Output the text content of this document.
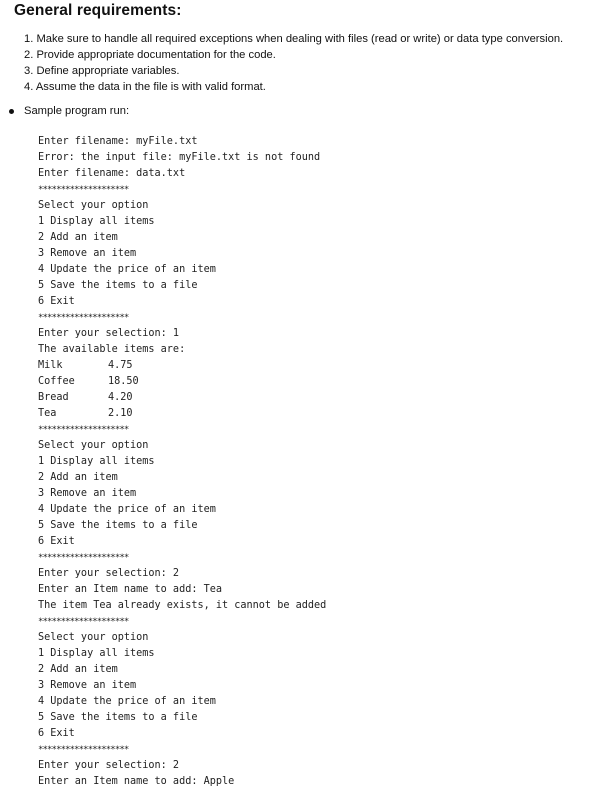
General requirements:
1. Make sure to handle all required exceptions when dealing with files (read or write) or data type conversion.
2. Provide appropriate documentation for the code.
3. Define appropriate variables.
4. Assume the data in the file is with valid format.
Sample program run:
Enter filename: myFile.txt
Error: the input file: myFile.txt is not found
Enter filename: data.txt
********************
Select your option
1 Display all items
2 Add an item
3 Remove an item
4 Update the price of an item
5 Save the items to a file
6 Exit
********************
Enter your selection: 1
The available items are:
Milk	4.75
Coffee	18.50
Bread	4.20
Tea	2.10
********************
Select your option
1 Display all items
2 Add an item
3 Remove an item
4 Update the price of an item
5 Save the items to a file
6 Exit
********************
Enter your selection: 2
Enter an Item name to add: Tea
The item Tea already exists, it cannot be added
********************
Select your option
1 Display all items
2 Add an item
3 Remove an item
4 Update the price of an item
5 Save the items to a file
6 Exit
********************
Enter your selection: 2
Enter an Item name to add: Apple
